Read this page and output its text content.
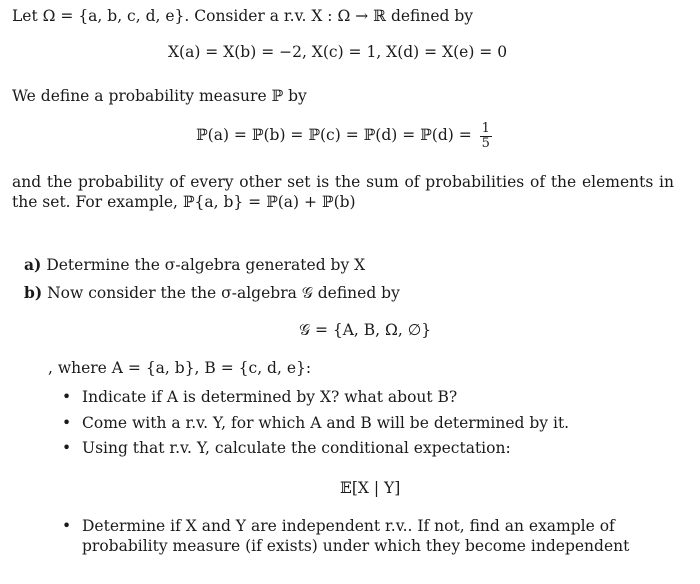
Let Ω = {a, b, c, d, e}. Consider a r.v. X : Ω → ℝ defined by
X(a) = X(b) = −2, X(c) = 1, X(d) = X(e) = 0
We define a probability measure ℙ by
ℙ(a) = ℙ(b) = ℙ(c) = ℙ(d) = ℙ(d) = $\frac{1}{5}$
and the probability of every other set is the sum of probabilities of the elements in the set. For example, ℙ{a, b} = ℙ(a) + ℙ(b)
a) Determine the σ-algebra generated by X
b) Now consider the the σ-algebra 𝒢 defined by
𝒢 = {A, B, Ω, ∅}
, where A = {a, b}, B = {c, d, e}:
• Indicate if A is determined by X? what about B?
• Come with a r.v. Y, for which A and B will be determined by it.
• Using that r.v. Y, calculate the conditional expectation:
𝔼[X | Y]
• Determine if X and Y are independent r.v.. If not, find an example of probability measure (if exists) under which they become independent
